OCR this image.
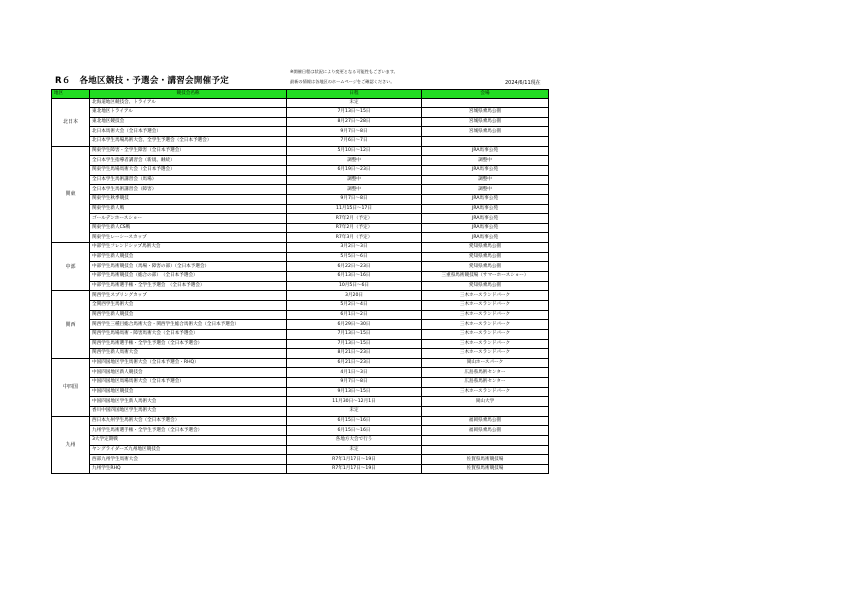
R６　各地区競技・予選会・講習会開催予定
※開催日程は状況により変更となる可能性もございます。
最新の情報は各地区のホームページをご確認ください。	2024/6/11現在
地区	競技会名称	日程	会場
北日本	北海道地区競技会、トライアル	未定	
	東北地区トライアル	7月13日～15日	宮城県乗馬公園
	東北地区競技会	8月27日～28日	宮城県乗馬公園
	北日本馬術大会（全日本予選会）	9月7日～8日	宮城県乗馬公園
	北日本学生馬場馬術大会、全学生予選会（全日本予選会）	7月6日～7日	
関東	関東学生障害・全学生障害（全日本予選会）	5月10日～12日	JRA馬事公苑
	全日本学生指導者講習会（新規、継続）	調整中	調整中
	関東学生馬場馬術大会（全日本予選会）	6月19日～23日	JRA馬事公苑
	全日本学生馬術講習会（馬場）	調整中	調整中
	全日本学生馬術講習会（障害）	調整中	調整中
	関東学生秋季競技	9月7日～8日	JRA馬事公苑
	関東学生新人戦	11月15日～17日	JRA馬事公苑
	ゴールデンホースショー	R7年2月（予定）	JRA馬事公苑
	関東学生新人CS戦	R7年2月（予定）	JRA馬事公苑
	関東学生レーシースカップ	R7年3月（予定）	JRA馬事公苑
中部	中部学生フレンドシップ馬術大会	3月2日～3日	愛知県乗馬公園
	中部学生新人競技会	5月5日～6日	愛知県乗馬公園
	中部学生馬術競技会（馬場・障害の部）（全日本予選会）	6月22日～23日	愛知県乗馬公園
	中部学生馬術競技会（総合の部）　（全日本予選会）	6月13日～16日	三重県馬術競技場（サマーホースショー）
	中部学生馬術選手権・全学生予選会　（全日本予選会）	10月5日～6日	愛知県乗馬公園
関西	関西学生スプリングカップ	3月20日	三木ホースランドパーク
	全関西学生馬術大会	5月2日～4日	三木ホースランドパーク
	関西学生新人競技会	6月1日～2日	三木ホースランドパーク
	関西学生三種目総合馬術大会・関西学生総合馬術大会（全日本予選会）	6月29日～30日	三木ホースランドパーク
	関西学生馬場馬術・障害馬術大会（全日本予選会）	7月13日～15日	三木ホースランドパーク
	関西学生馬術選手権・全学生予選会（全日本予選会）	7月13日～15日	三木ホースランドパーク
	関西学生新人馬術大会	8月21日～23日	三木ホースランドパーク
中四国	中国四国地区学生馬術大会（全日本予選会・RHQ）	6月21日～23日	岡山ホースパーク
	中国四国地区新人競技会	4月1日～3日	広島県馬術センター
	中国四国地区馬場馬術大会（全日本予選会）	9月7日～8日	広島県馬術センター
	中国四国地区競技会	9月13日～15日	三木ホースランドパーク
	中国四国地区学生新人馬術大会	11月30日～12月1日	岡山大学
	香川中国四国地区学生馬術大会	未定	
九州	西日本九州学生馬術大会（全日本予選会）	6月15日～16日	福岡県乗馬公園
	九州学生馬術選手権・全学生予選会（全日本予選会）	6月15日～16日	福岡県乗馬公園
	3大学定期戦	各地方大会で行う	
	ヤングライダーズ九州地区競技会	未定	
	西部九州学生馬術大会	R7年1月17日～19日	佐賀県馬術競技場
	九州学生RHQ	R7年1月17日～19日	佐賀県馬術競技場
